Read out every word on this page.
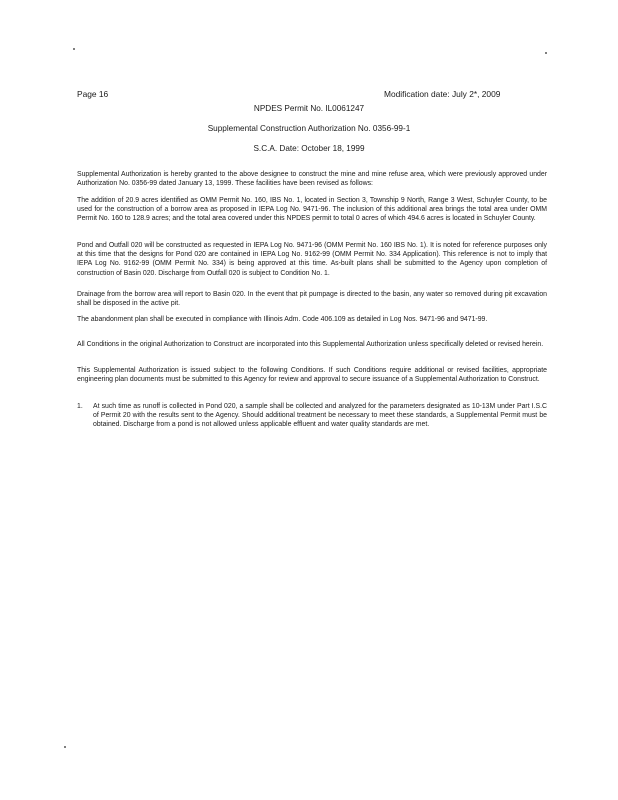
Page 16	Modification date: July 2*, 2009
NPDES Permit No. IL0061247
Supplemental Construction Authorization No. 0356-99-1
S.C.A. Date: October 18, 1999

Supplemental Authorization is hereby granted to the above designee to construct the mine and mine refuse area, which were previously approved under Authorization No. 0356-99 dated January 13, 1999. These facilities have been revised as follows:

The addition of 20.9 acres identified as OMM Permit No. 160, IBS No. 1, located in Section 3, Township 9 North, Range 3 West, Schuyler County, to be used for the construction of a borrow area as proposed in IEPA Log No. 9471-96. The inclusion of this additional area brings the total area under OMM Permit No. 160 to 128.9 acres; and the total area covered under this NPDES permit to total 0 acres of which 494.6 acres is located in Schuyler County.

Pond and Outfall 020 will be constructed as requested in IEPA Log No. 9471-96 (OMM Permit No. 160 IBS No. 1). It is noted for reference purposes only at this time that the designs for Pond 020 are contained in IEPA Log No. 9162-99 (OMM Permit No. 334 Application). This reference is not to imply that IEPA Log No. 9162-99 (OMM Permit No. 334) is being approved at this time. As-built plans shall be submitted to the Agency upon completion of construction of Basin 020. Discharge from Outfall 020 is subject to Condition No. 1.

Drainage from the borrow area will report to Basin 020. In the event that pit pumpage is directed to the basin, any water so removed during pit excavation shall be disposed in the active pit.

The abandonment plan shall be executed in compliance with Illinois Adm. Code 406.109 as detailed in Log Nos. 9471-96 and 9471-99.

All Conditions in the original Authorization to Construct are incorporated into this Supplemental Authorization unless specifically deleted or revised herein.

This Supplemental Authorization is issued subject to the following Conditions. If such Conditions require additional or revised facilities, appropriate engineering plan documents must be submitted to this Agency for review and approval to secure issuance of a Supplemental Authorization to Construct.

1. At such time as runoff is collected in Pond 020, a sample shall be collected and analyzed for the parameters designated as 10-13M under Part I.S.C of Permit 20 with the results sent to the Agency. Should additional treatment be necessary to meet these standards, a Supplemental Permit must be obtained. Discharge from a pond is not allowed unless applicable effluent and water quality standards are met.
